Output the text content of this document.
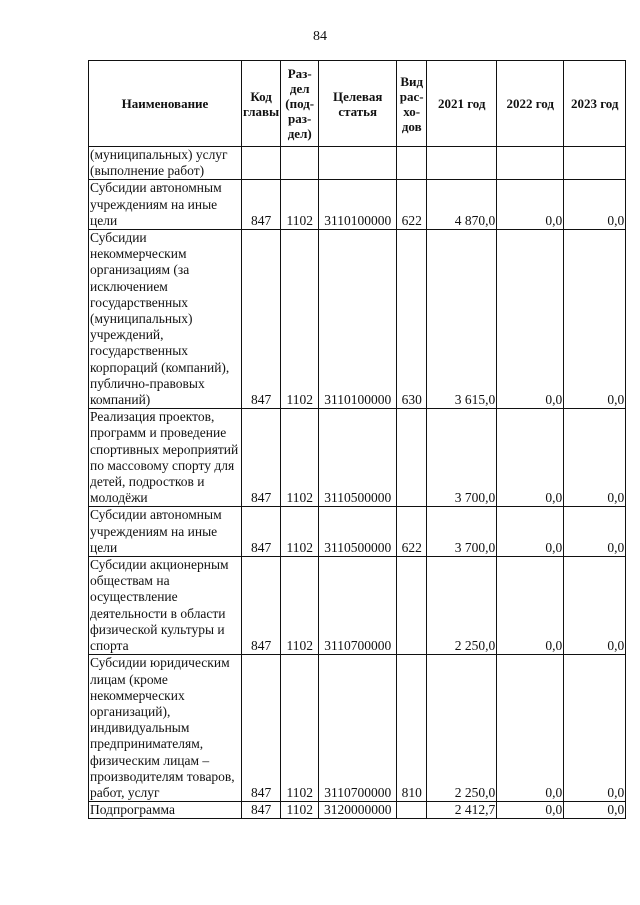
84
Наименование	Код главы	Раз-дел (под-раз-дел)	Целевая статья	Вид рас-хо-дов	2021 год	2022 год	2023 год
(муниципальных) услуг (выполнение работ)							
Субсидии автономным учреждениям на иные цели	847	1102	3110100000	622	4 870,0	0,0	0,0
Субсидии некоммерческим организациям (за исключением государственных (муниципальных) учреждений, государственных корпораций (компаний), публично-правовых компаний)	847	1102	3110100000	630	3 615,0	0,0	0,0
Реализация проектов, программ и проведение спортивных мероприятий по массовому спорту для детей, подростков и молодёжи	847	1102	3110500000		3 700,0	0,0	0,0
Субсидии автономным учреждениям на иные цели	847	1102	3110500000	622	3 700,0	0,0	0,0
Субсидии акционерным обществам на осуществление деятельности в области физической культуры и спорта	847	1102	3110700000		2 250,0	0,0	0,0
Субсидии юридическим лицам (кроме некоммерческих организаций), индивидуальным предпринимателям, физическим лицам – производителям товаров, работ, услуг	847	1102	3110700000	810	2 250,0	0,0	0,0
Подпрограмма	847	1102	3120000000		2 412,7	0,0	0,0
